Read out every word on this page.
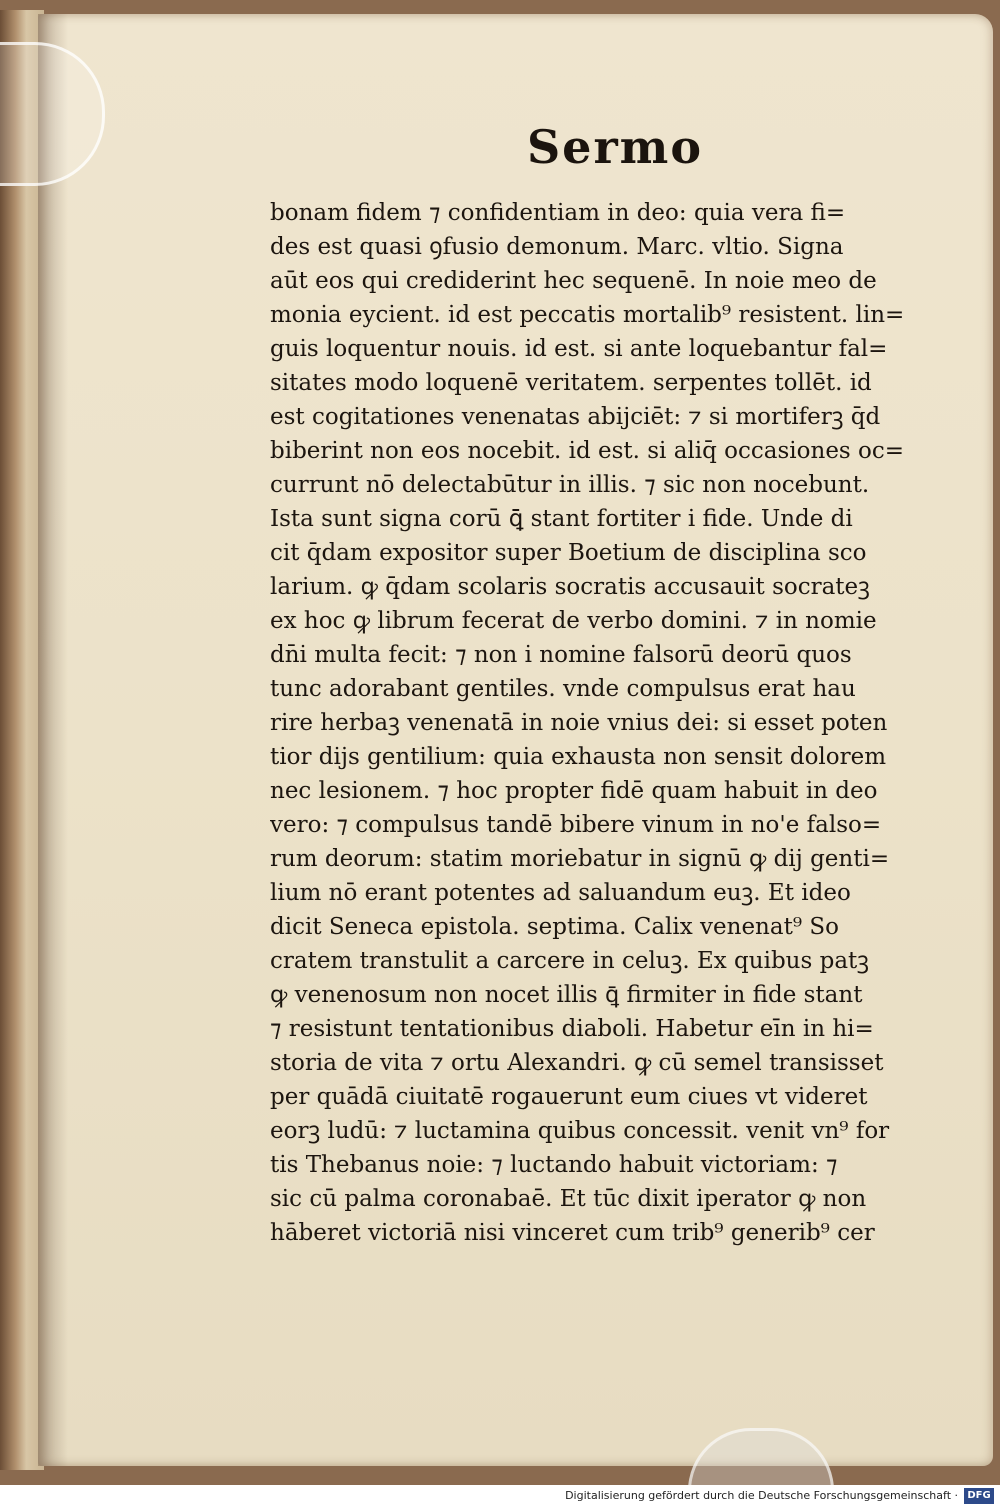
Sermo
bonam fidem ⁊ confidentiam in deo: quia vera fi=
des est quasi ꝯfusio demonum. Marc. vltio. Signa
aūt eos qui crediderint hec sequenē. In noie meo de
monia eycient. id est peccatis mortalib⁹ resistent. lin=
guis loquentur nouis. id est. si ante loquebantur fal=
sitates modo loquenē veritatem. serpentes tollēt. id
est cogitationes venenatas abijciēt: ⁊ si mortiferꝫ q̄d
biberint non eos nocebit. id est. si aliq̄ occasiones oc=
currunt nō delectabūtur in illis. ⁊ sic non nocebunt.
Ista sunt signa corū ꝗ̄ stant fortiter i fide. Unde di
cit q̄dam expositor super Boetium de disciplina sco
larium. ꝙ q̄dam scolaris socratis accusauit socrateꝫ
ex hoc ꝙ librum fecerat de verbo domini. ⁊ in nomie
dn̄i multa fecit: ⁊ non i nomine falsorū deorū quos
tunc adorabant gentiles. vnde compulsus erat hau
rire herbaꝫ venenatā in noie vnius dei: si esset poten
tior dijs gentilium: quia exhausta non sensit dolorem
nec lesionem. ⁊ hoc propter fidē quam habuit in deo
vero: ⁊ compulsus tandē bibere vinum in no'e falso=
rum deorum: statim moriebatur in signū ꝙ dij genti=
lium nō erant potentes ad saluandum euꝫ. Et ideo
dicit Seneca epistola. septima. Calix venenat⁹ So
cratem transtulit a carcere in celuꝫ. Ex quibus patꝫ
ꝙ venenosum non nocet illis ꝗ̄ firmiter in fide stant
⁊ resistunt tentationibus diaboli. Habetur eīn in hi=
storia de vita ⁊ ortu Alexandri. ꝙ cū semel transisset
per quādā ciuitatē rogauerunt eum ciues vt videret
eorꝫ ludū: ⁊ luctamina quibus concessit. venit vn⁹ for
tis Thebanus noie: ⁊ luctando habuit victoriam: ⁊
sic cū palma coronabaē. Et tūc dixit iperator ꝙ non
hāberet victoriā nisi vinceret cum trib⁹ generib⁹ cer
Digitalisierung gefördert durch die Deutsche Forschungsgemeinschaft · DFG
